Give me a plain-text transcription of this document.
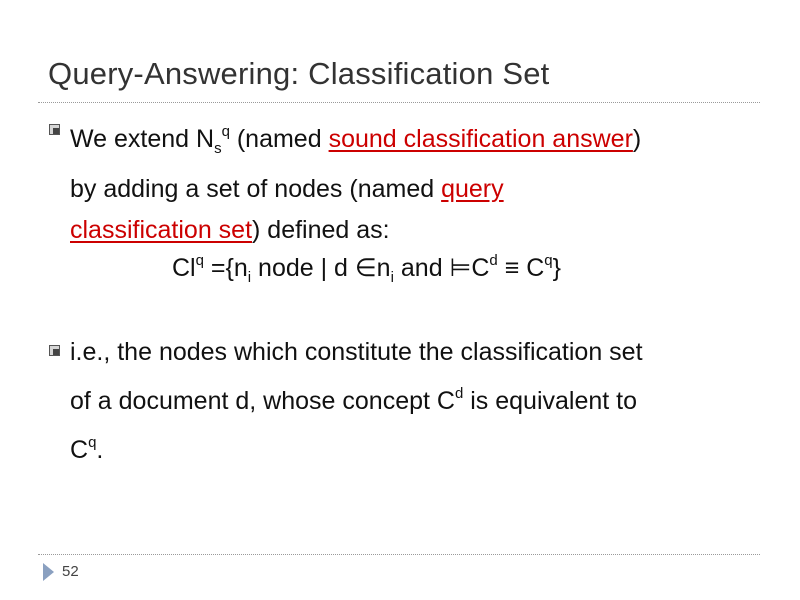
Query-Answering: Classification Set
We extend $N_s^q$ (named sound classification answer)
by adding a set of nodes (named query
classification set) defined as:
$Cl^q =\{n_i$ node | d $\in n_i$ and $⊨C^d \equiv C^q$}
i.e., the nodes which constitute the classification set
of a document d, whose concept $C^d$ is equivalent to
$C^q$.
52
